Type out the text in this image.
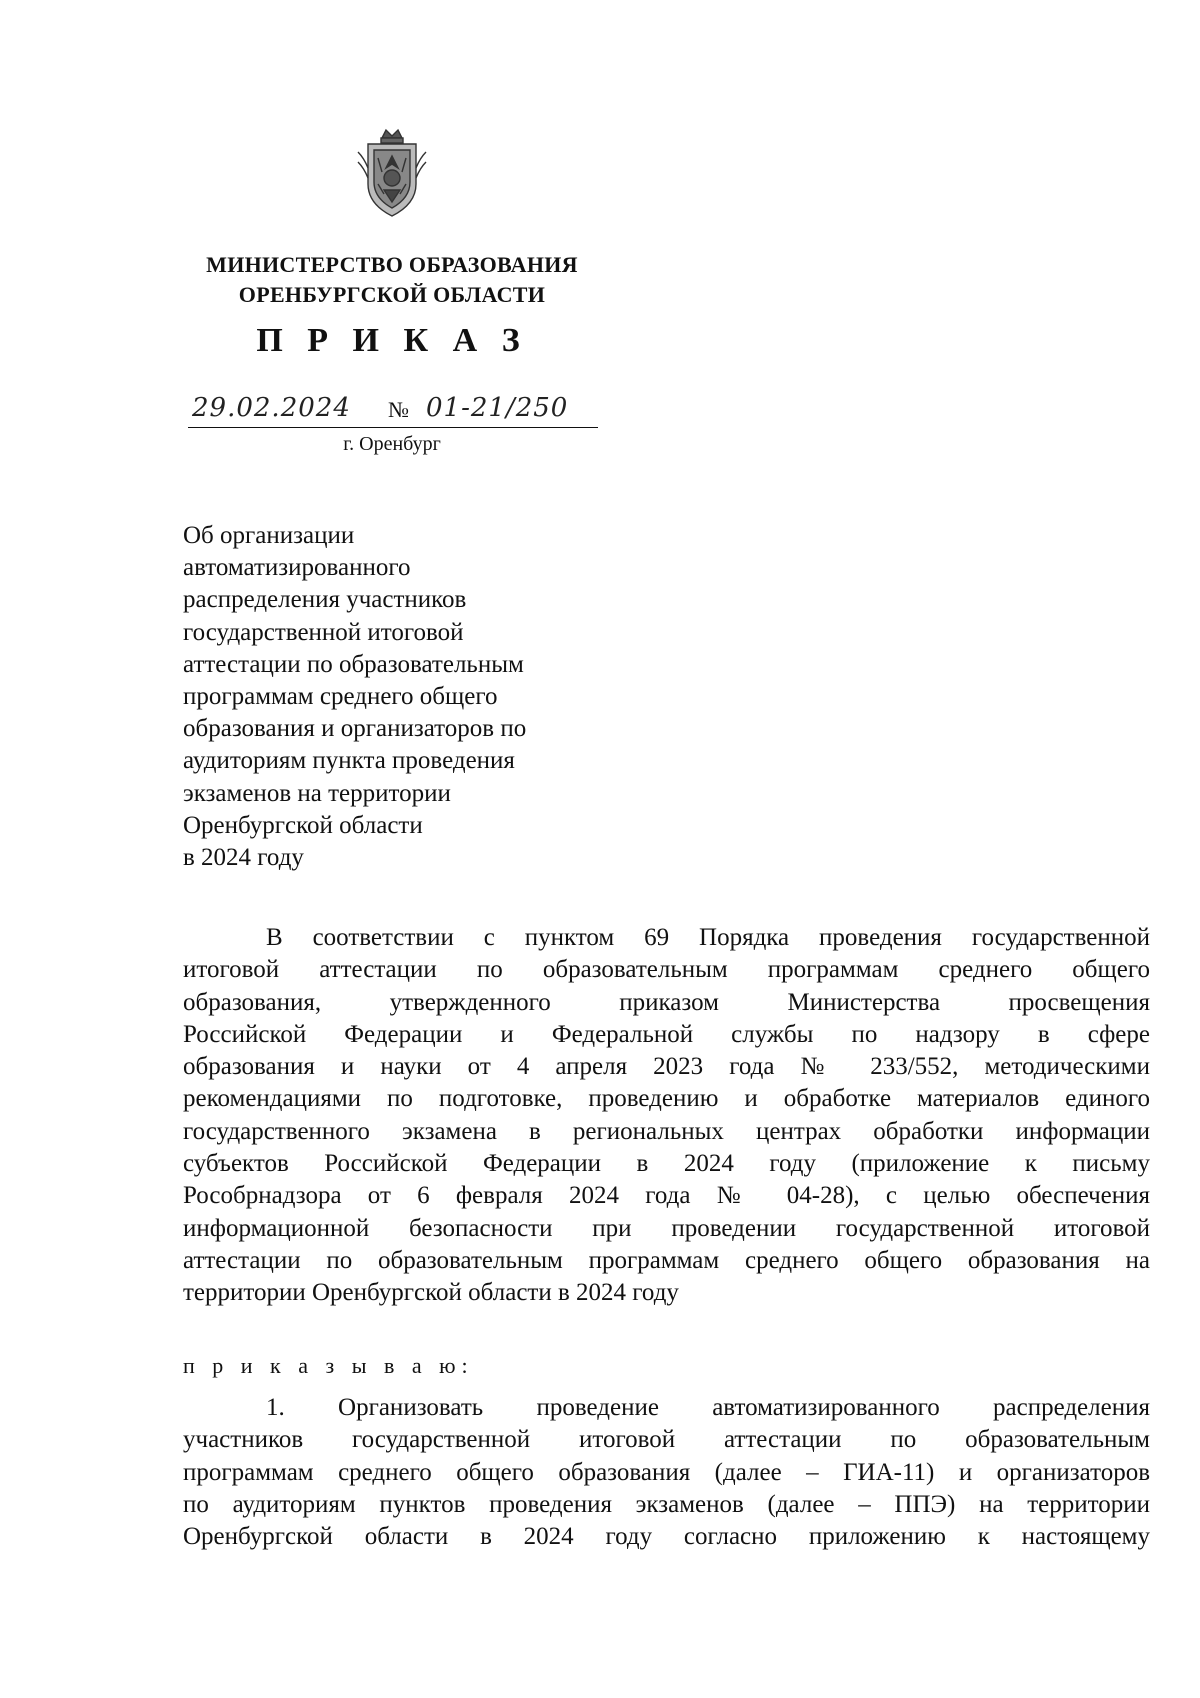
МИНИСТЕРСТВО ОБРАЗОВАНИЯ
ОРЕНБУРГСКОЙ ОБЛАСТИ
П Р И К А З
29.02.2024 № 01-21/250
г. Оренбург
Об организации
автоматизированного
распределения участников
государственной итоговой
аттестации по образовательным
программам среднего общего
образования и организаторов по
аудиториям пункта проведения
экзаменов на территории
Оренбургской области
в 2024 году
В соответствии с пунктом 69 Порядка проведения государственной
итоговой аттестации по образовательным программам среднего общего
образования, утвержденного приказом Министерства просвещения
Российской Федерации и Федеральной службы по надзору в сфере
образования и науки от 4 апреля 2023 года № 233/552, методическими
рекомендациями по подготовке, проведению и обработке материалов единого
государственного экзамена в региональных центрах обработки информации
субъектов Российской Федерации в 2024 году (приложение к письму
Рособрнадзора от 6 февраля 2024 года № 04-28), с целью обеспечения
информационной безопасности при проведении государственной итоговой
аттестации по образовательным программам среднего общего образования на
территории Оренбургской области в 2024 году
п р и к а з ы в а ю:
1. Организовать проведение автоматизированного распределения
участников государственной итоговой аттестации по образовательным
программам среднего общего образования (далее – ГИА-11) и организаторов
по аудиториям пунктов проведения экзаменов (далее – ППЭ) на территории
Оренбургской области в 2024 году согласно приложению к настоящему
